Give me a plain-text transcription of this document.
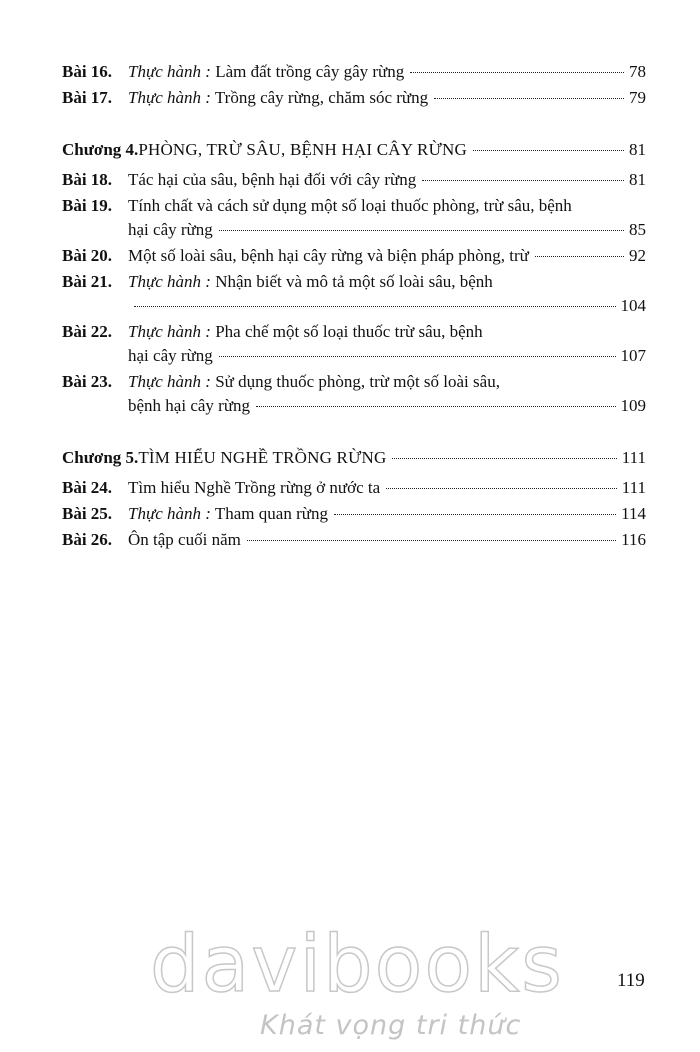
Bài 16. Thực hành : Làm đất trồng cây gây rừng	78
Bài 17. Thực hành : Trồng cây rừng, chăm sóc rừng	79
Chương 4. PHÒNG, TRỪ SÂU, BỆNH HẠI CÂY RỪNG	81
Bài 18. Tác hại của sâu, bệnh hại đối với cây rừng	81
Bài 19. Tính chất và cách sử dụng một số loại thuốc phòng, trừ sâu, bệnh
hại cây rừng	85
Bài 20. Một số loài sâu, bệnh hại cây rừng và biện pháp phòng, trừ	92
Bài 21. Thực hành : Nhận biết và mô tả một số loài sâu, bệnh
104
Bài 22. Thực hành : Pha chế một số loại thuốc trừ sâu, bệnh
hại cây rừng	107
Bài 23. Thực hành : Sử dụng thuốc phòng, trừ một số loài sâu,
bệnh hại cây rừng	109
Chương 5. TÌM HIỂU NGHỀ TRỒNG RỪNG	111
Bài 24. Tìm hiểu Nghề Trồng rừng ở nước ta	111
Bài 25. Thực hành : Tham quan rừng	114
Bài 26. Ôn tập cuối năm	116
119
davibooks
Khát vọng tri thức
